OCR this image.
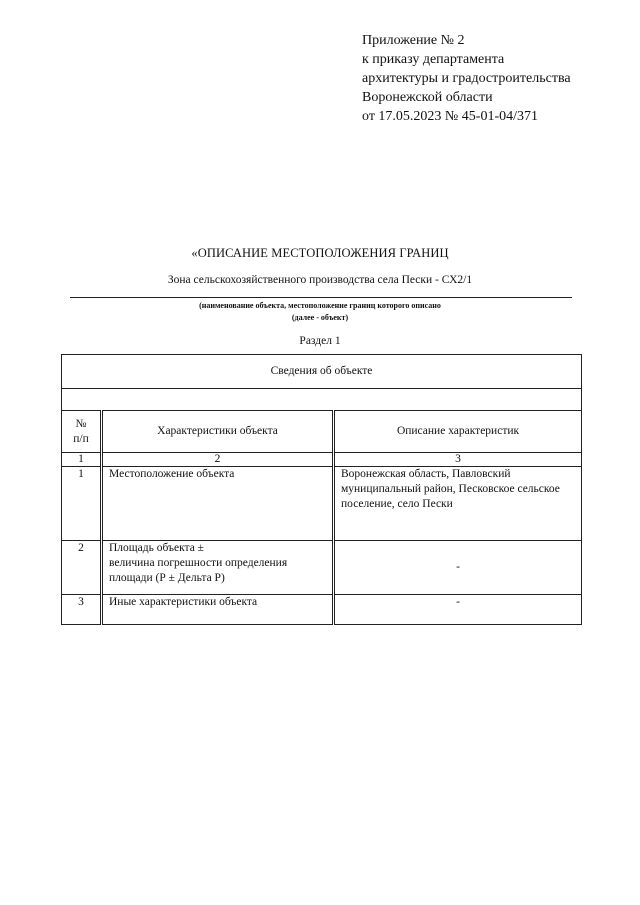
Приложение № 2
к приказу департамента
архитектуры и градостроительства
Воронежской области
от 17.05.2023 № 45-01-04/371
«ОПИСАНИЕ МЕСТОПОЛОЖЕНИЯ ГРАНИЦ
Зона сельскохозяйственного производства села Пески - СХ2/1
(наименование объекта, местоположение границ которого описано
(далее - объект)
Раздел 1
Сведения об объекте		

№
п/п	Характеристики объекта	Описание характеристик
1	2	3
1	Местоположение объекта	Воронежская область, Павловский муниципальный район, Песковское сельское поселение, село Пески
2	Площадь объекта ±
величина погрешности определения площади (Р ± Дельта Р)	-
3	Иные характеристики объекта	-
